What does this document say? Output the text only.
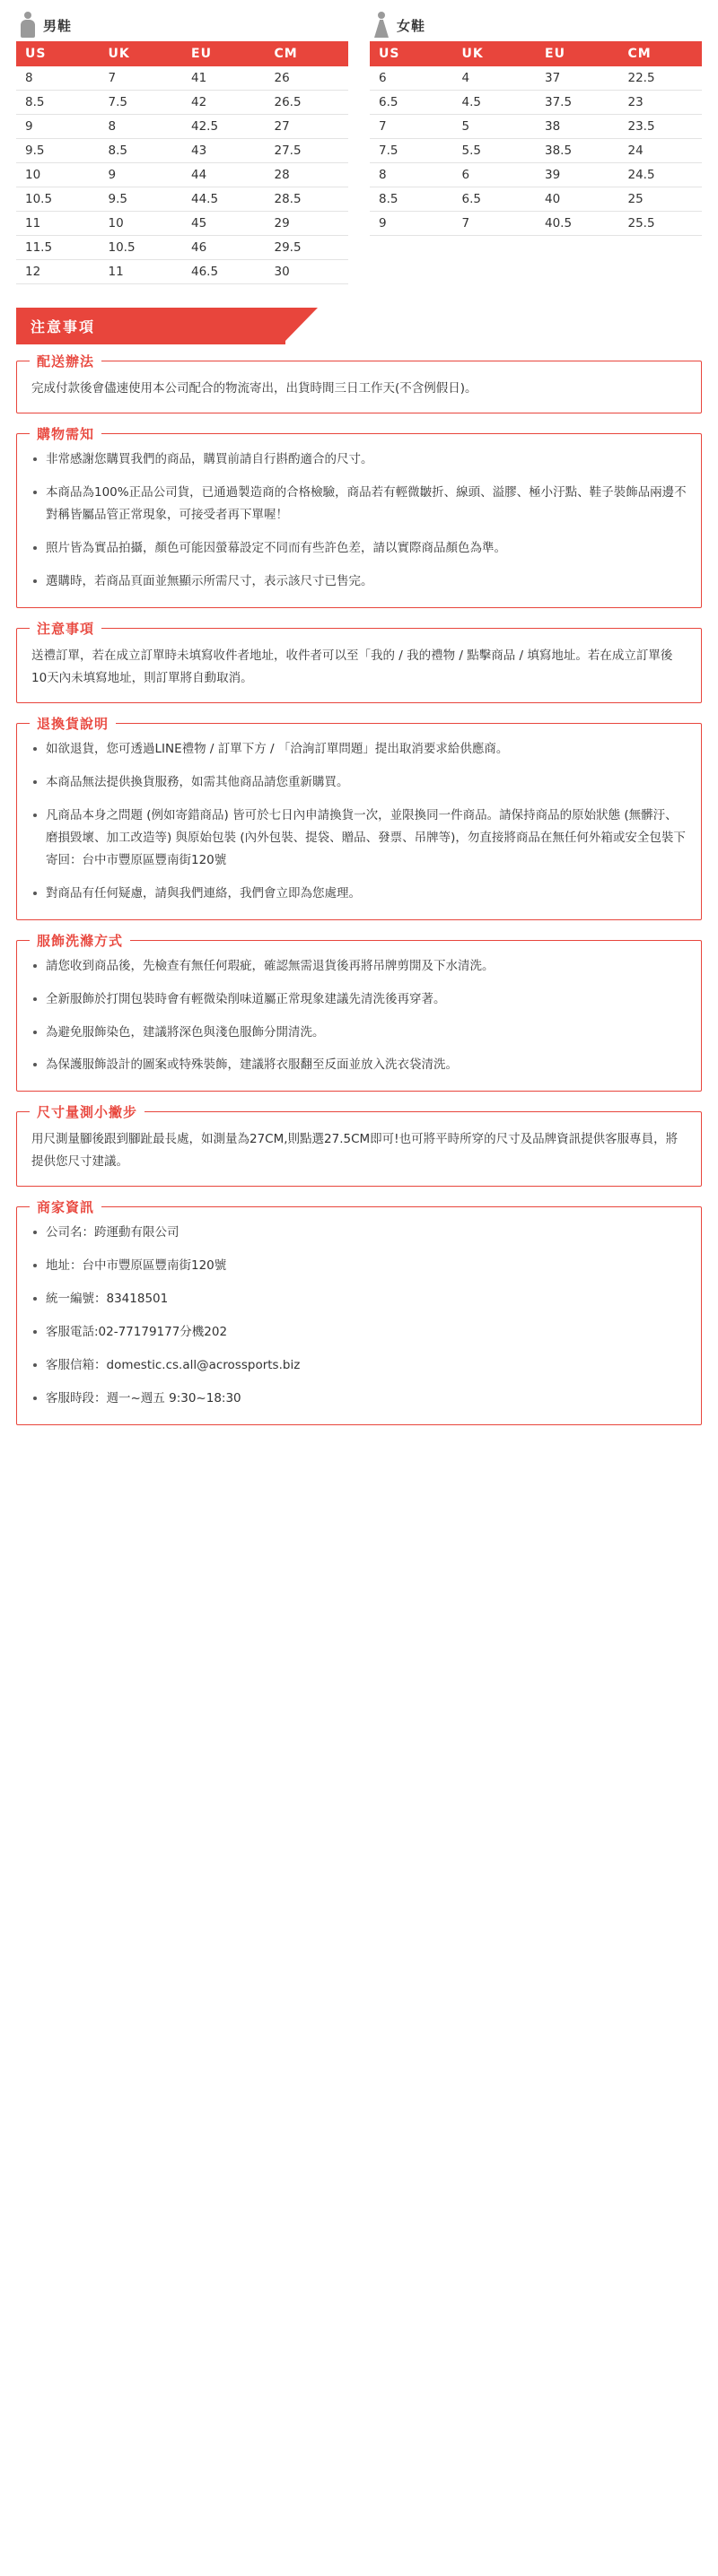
男鞋
US	UK	EU	CM
8	7	41	26
8.5	7.5	42	26.5
9	8	42.5	27
9.5	8.5	43	27.5
10	9	44	28
10.5	9.5	44.5	28.5
11	10	45	29
11.5	10.5	46	29.5
12	11	46.5	30
女鞋
US	UK	EU	CM
6	4	37	22.5
6.5	4.5	37.5	23
7	5	38	23.5
7.5	5.5	38.5	24
8	6	39	24.5
8.5	6.5	40	25
9	7	40.5	25.5
注意事項
配送辦法

完成付款後會儘速使用本公司配合的物流寄出，出貨時間三日工作天(不含例假日)。

購物需知
非常感謝您購買我們的商品，購買前請自行斟酌適合的尺寸。
本商品為100%正品公司貨，已通過製造商的合格檢驗，商品若有輕微皺折、線頭、溢膠、極小汙點、鞋子裝飾品兩邊不對稱皆屬品管正常現象，可接受者再下單喔！
照片皆為實品拍攝，顏色可能因螢幕設定不同而有些許色差，請以實際商品顏色為準。
選購時，若商品頁面並無顯示所需尺寸，表示該尺寸已售完。
注意事項

送禮訂單，若在成立訂單時未填寫收件者地址，收件者可以至「我的 / 我的禮物 / 點擊商品 / 填寫地址。若在成立訂單後10天內未填寫地址，則訂單將自動取消。

退換貨說明
如欲退貨，您可透過LINE禮物 / 訂單下方 / 「洽詢訂單問題」提出取消要求給供應商。
本商品無法提供換貨服務，如需其他商品請您重新購買。
凡商品本身之問題 (例如寄錯商品) 皆可於七日內申請換貨一次，並限換同一件商品。請保持商品的原始狀態 (無髒汙、磨損毀壞、加工改造等) 與原始包裝 (內外包裝、提袋、贈品、發票、吊牌等)，勿直接將商品在無任何外箱或安全包裝下寄回：台中市豐原區豐南街120號
對商品有任何疑慮，請與我們連絡，我們會立即為您處理。
服飾洗滌方式
請您收到商品後，先檢查有無任何瑕疵，確認無需退貨後再將吊牌剪開及下水清洗。
全新服飾於打開包裝時會有輕微染削味道屬正常現象建議先清洗後再穿著。
為避免服飾染色，建議將深色與淺色服飾分開清洗。
為保護服飾設計的圖案或特殊裝飾，建議將衣服翻至反面並放入洗衣袋清洗。
尺寸量測小撇步

用尺測量腳後跟到腳趾最長處，如測量為27CM,則點選27.5CM即可!也可將平時所穿的尺寸及品牌資訊提供客服專員，將提供您尺寸建議。

商家資訊
公司名：跨運動有限公司
地址：台中市豐原區豐南街120號
統一編號：83418501
客服電話:02-77179177分機202
客服信箱：domestic.cs.all@acrossports.biz
客服時段：週一~週五 9:30~18:30
